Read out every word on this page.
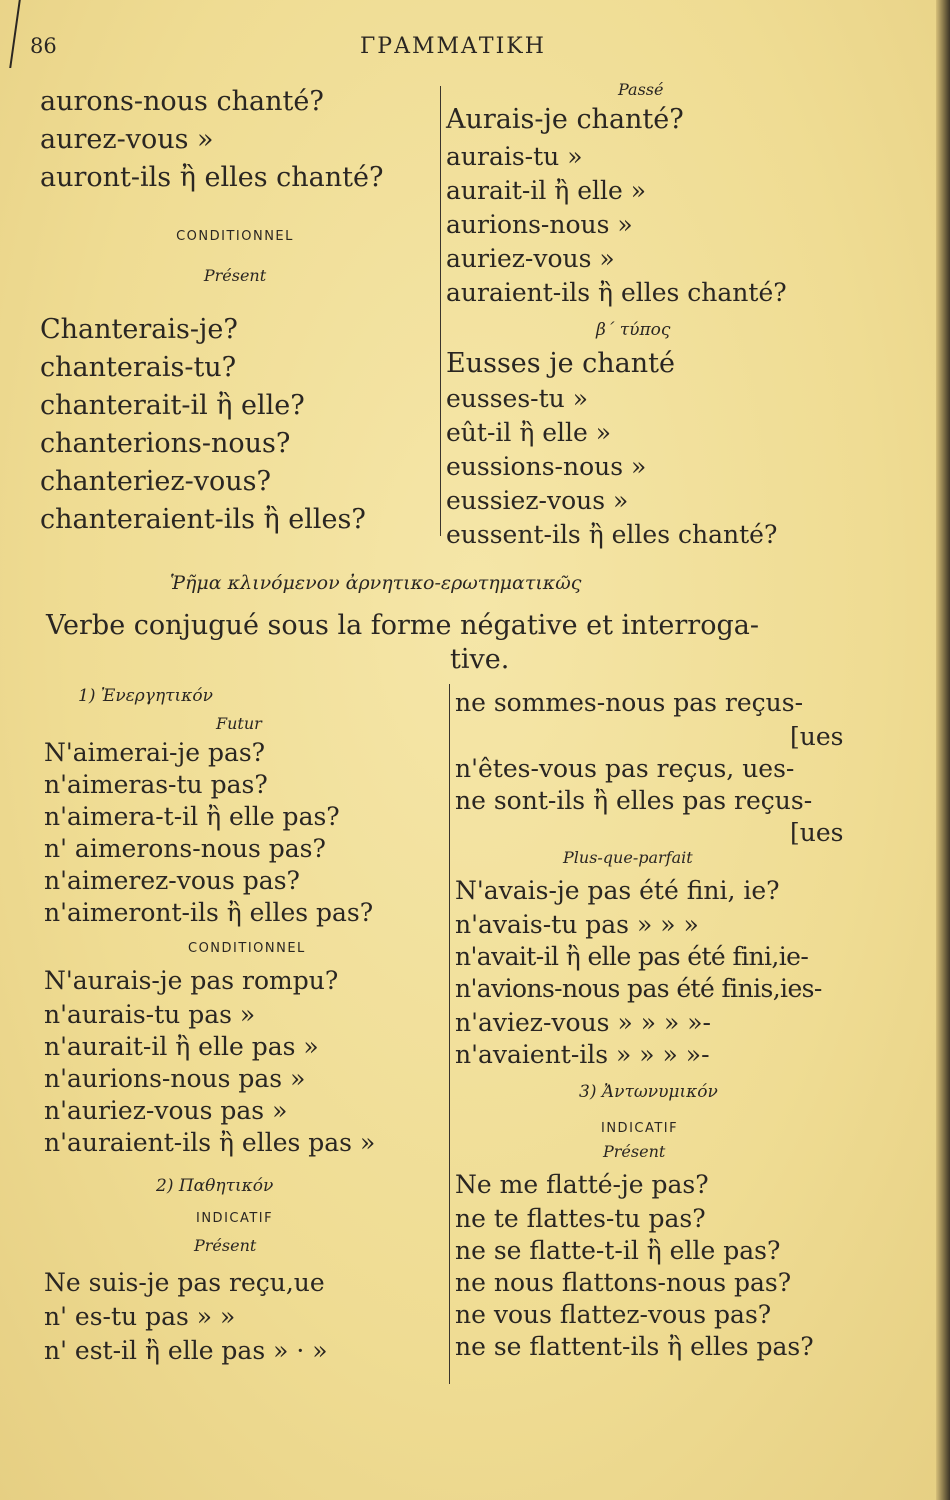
86	ΓΡΑΜΜΑΤΙΚΗ
aurons-nous chanté?
aurez-vous »
auront-ils ἢ elles chanté?
CONDITIONNEL
Présent
Chanterais-je?
chanterais-tu?
chanterait-il ἢ elle?
chanterions-nous?
chanteriez-vous?
chanteraient-ils ἢ elles?
Passé
Aurais-je chanté?
aurais-tu »
aurait-il ἢ elle »
aurions-nous »
auriez-vous »
auraient-ils ἢ elles chanté?
β΄ τύπος
Eusses je chanté
eusses-tu »
eût-il ἢ elle »
eussions-nous »
eussiez-vous »
eussent-ils ἢ elles chanté?
Ῥῆμα κλινόμενον ἀρνητικο-ερωτηματικῶς
Verbe conjugué sous la forme négative et interroga-
tive.
1) Ἐνεργητικόν
Futur
N'aimerai-je pas?
n'aimeras-tu pas?
n'aimera-t-il ἢ elle pas?
n' aimerons-nous pas?
n'aimerez-vous pas?
n'aimeront-ils ἢ elles pas?
CONDITIONNEL
N'aurais-je pas rompu?
n'aurais-tu pas »
n'aurait-il ἢ elle pas »
n'aurions-nous pas »
n'auriez-vous pas »
n'auraient-ils ἢ elles pas »
2) Παθητικόν
INDICATIF
Présent
Ne suis-je pas reçu,ue
n' es-tu pas » »
n' est-il ἢ elle pas » · »
ne sommes-nous pas reçus-
[ues
n'êtes-vous pas reçus, ues-
ne sont-ils ἢ elles pas reçus-
[ues
Plus-que-parfait
N'avais-je pas été fini, ie?
n'avais-tu pas » » »
n'avait-il ἢ elle pas été fini,ie-
n'avions-nous pas été finis,ies-
n'aviez-vous » » » »-
n'avaient-ils » » » »-
3) Ἀντωνυμικόν
INDICATIF
Présent
Ne me flatté-je pas?
ne te flattes-tu pas?
ne se flatte-t-il ἢ elle pas?
ne nous flattons-nous pas?
ne vous flattez-vous pas?
ne se flattent-ils ἢ elles pas?
